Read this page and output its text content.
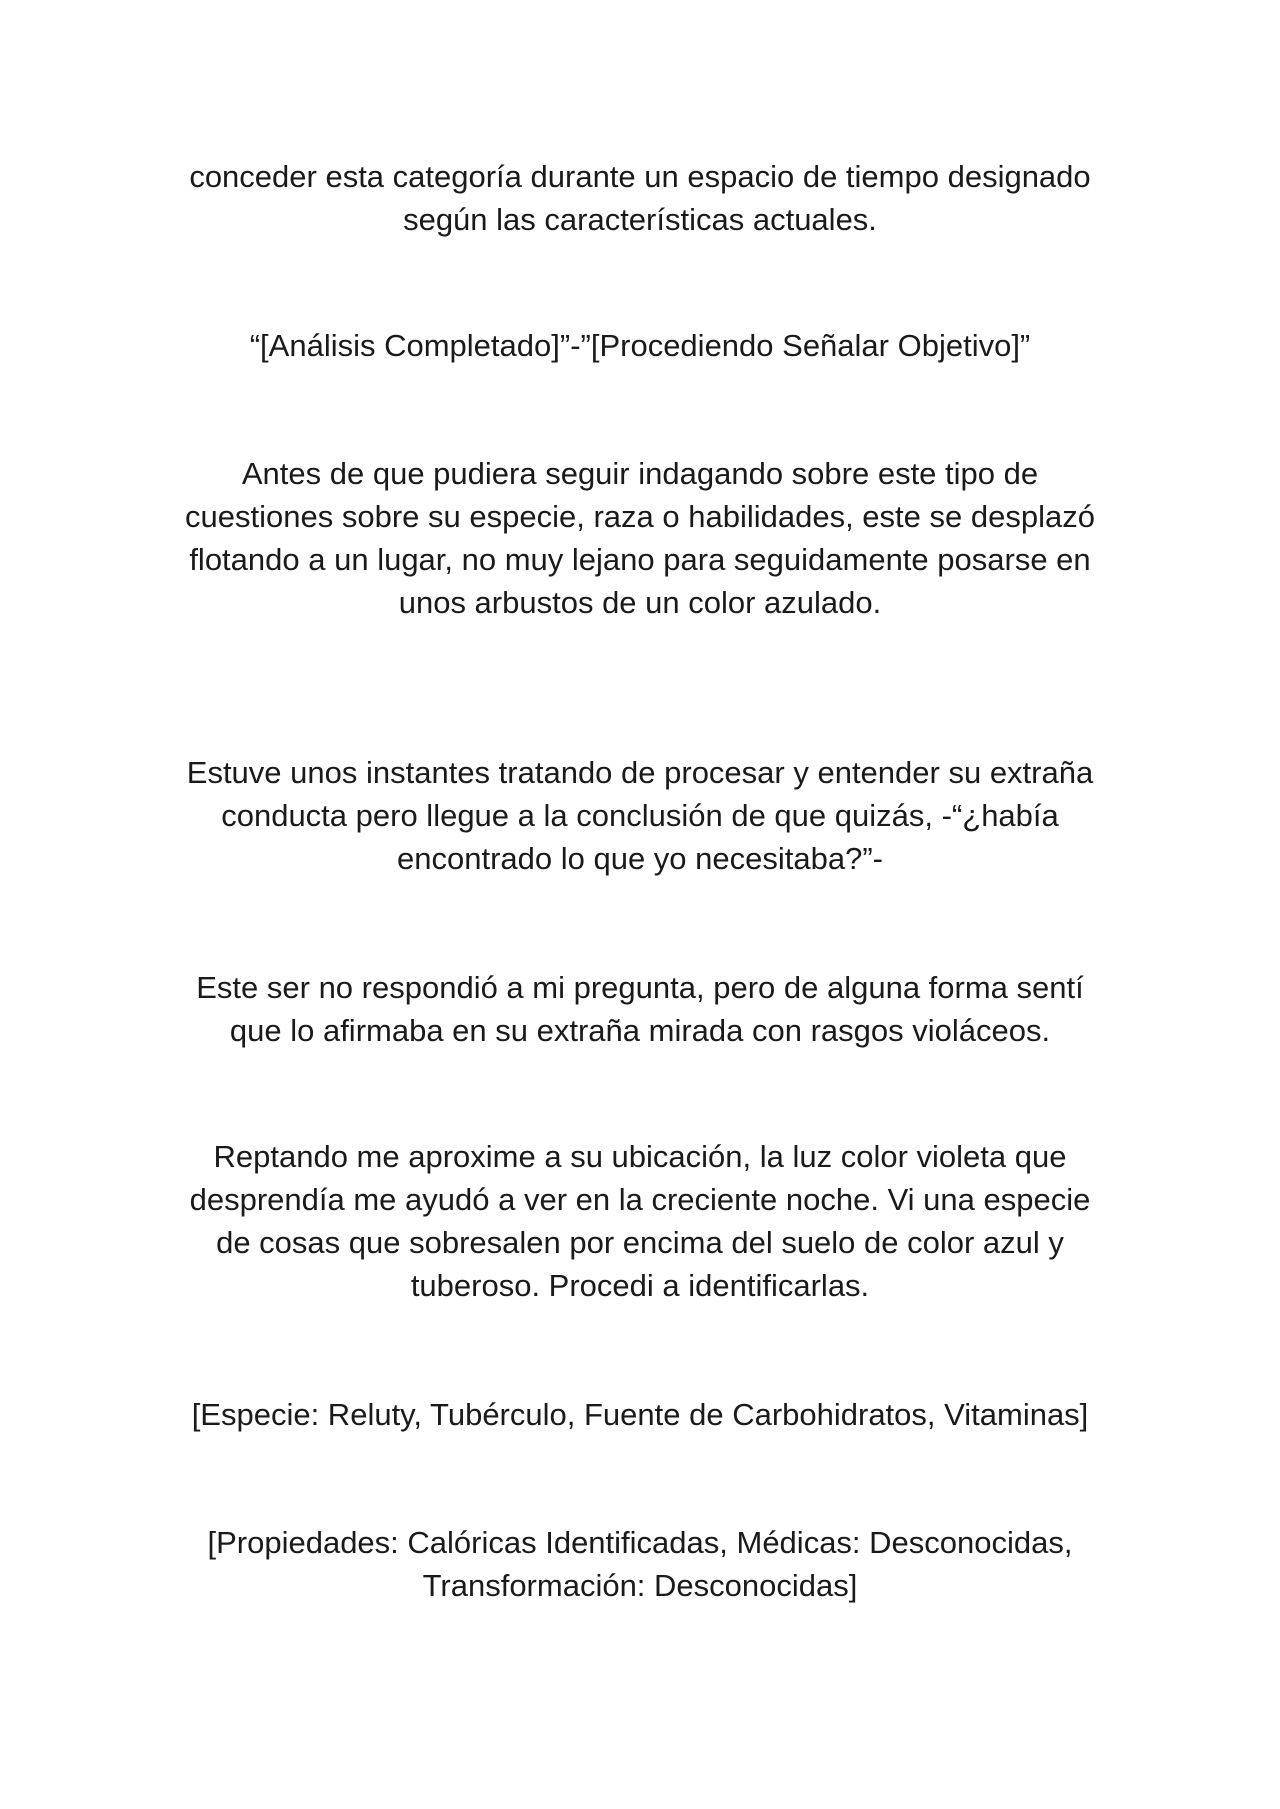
conceder esta categoría durante un espacio de tiempo designado
según las características actuales.

“[Análisis Completado]”-”[Procediendo Señalar Objetivo]”

Antes de que pudiera seguir indagando sobre este tipo de
cuestiones sobre su especie, raza o habilidades, este se desplazó
flotando a un lugar, no muy lejano para seguidamente posarse en
unos arbustos de un color azulado.

Estuve unos instantes tratando de procesar y entender su extraña
conducta pero llegue a la conclusión de que quizás, -“¿había
encontrado lo que yo necesitaba?”-

Este ser no respondió a mi pregunta, pero de alguna forma sentí
que lo afirmaba en su extraña mirada con rasgos violáceos.

Reptando me aproxime a su ubicación, la luz color violeta que
desprendía me ayudó a ver en la creciente noche. Vi una especie
de cosas que sobresalen por encima del suelo de color azul y
tuberoso. Procedi a identificarlas.

[Especie: Reluty, Tubérculo, Fuente de Carbohidratos, Vitaminas]

[Propiedades: Calóricas Identificadas, Médicas: Desconocidas,
Transformación: Desconocidas]
